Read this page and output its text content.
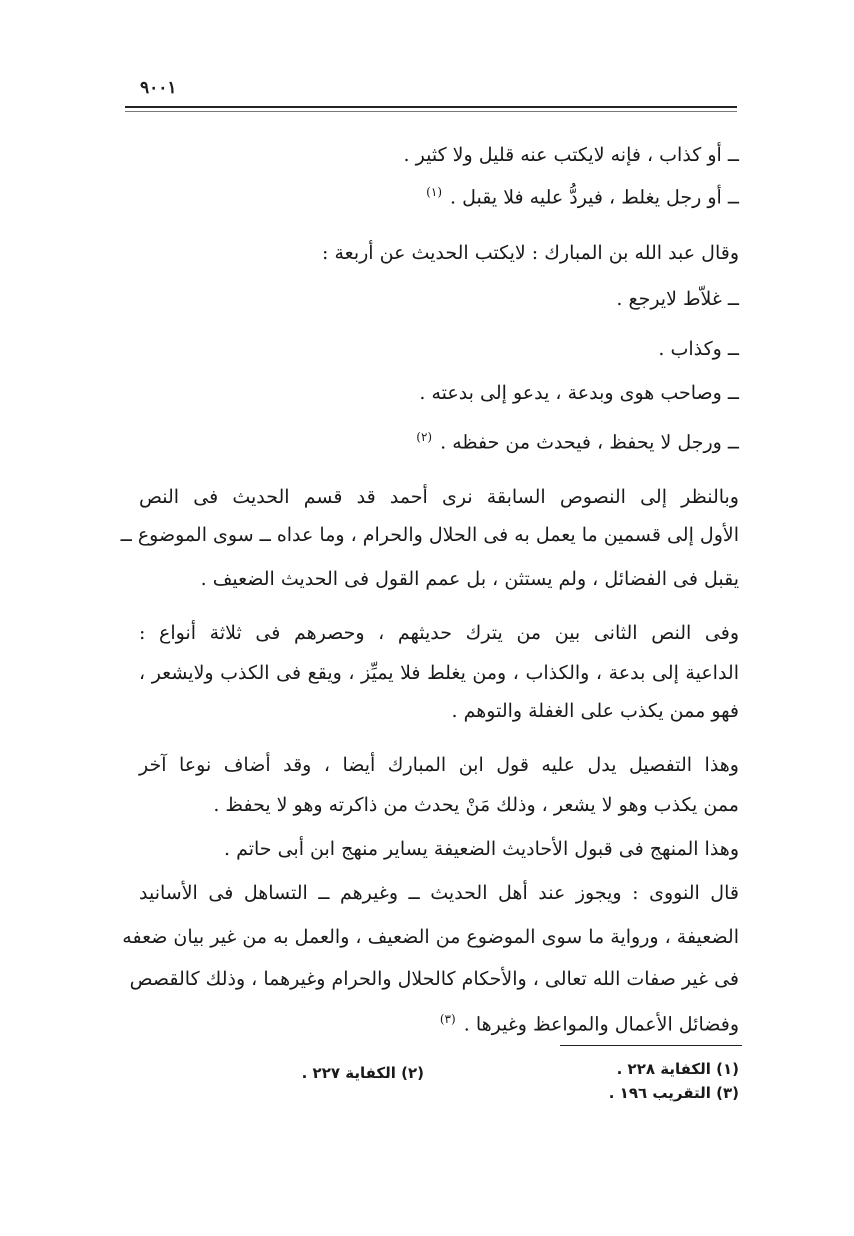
٩٠٠١
ــ أو كذاب ، فإنه لايكتب عنه قليل ولا كثير .
ــ أو رجل يغلط ، فيردُّ عليه فلا يقبل . $^{(١)}$
وقال عبد الله بن المبارك : لايكتب الحديث عن أربعة :
ــ غلاّط لايرجع .
ــ وكذاب .
ــ وصاحب هوى وبدعة ، يدعو إلى بدعته .
ــ ورجل لا يحفظ ، فيحدث من حفظه . $^{(٢)}$
وبالنظر إلى النصوص السابقة نرى أحمد قد قسم الحديث فى النص
الأول إلى قسمين ما يعمل به فى الحلال والحرام ، وما عداه ــ سوى الموضوع ــ
يقبل فى الفضائل ، ولم يستثن ، بل عمم القول فى الحديث الضعيف .
وفى النص الثانى بين من يترك حديثهم ، وحصرهم فى ثلاثة أنواع :
الداعية إلى بدعة ، والكذاب ، ومن يغلط فلا يميِّز ، ويقع فى الكذب ولايشعر ،
فهو ممن يكذب على الغفلة والتوهم .
وهذا التفصيل يدل عليه قول ابن المبارك أيضا ، وقد أضاف نوعا آخر
ممن يكذب وهو لا يشعر ، وذلك مَنْ يحدث من ذاكرته وهو لا يحفظ .
وهذا المنهج فى قبول الأحاديث الضعيفة يساير منهج ابن أبى حاتم .
قال النووى : ويجوز عند أهل الحديث ــ وغيرهم ــ التساهل فى الأسانيد
الضعيفة ، ورواية ما سوى الموضوع من الضعيف ، والعمل به من غير بيان ضعفه
فى غير صفات الله تعالى ، والأحكام كالحلال والحرام وغيرهما ، وذلك كالقصص
وفضائل الأعمال والمواعظ وغيرها . $^{(٣)}$
(١) الكفاية ٢٢٨ .
(٢) الكفاية ٢٢٧ .
(٣) التقريب ١٩٦ .
